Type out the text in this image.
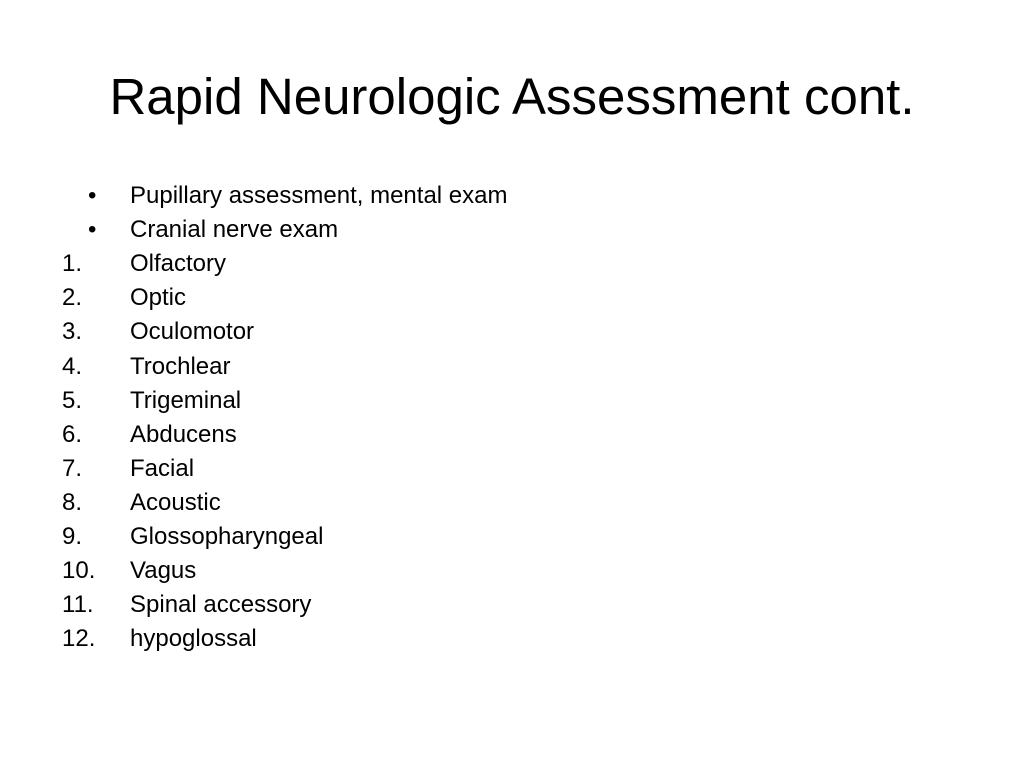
Rapid Neurologic Assessment cont.
•	Pupillary assessment, mental exam
•	Cranial nerve exam
1.	Olfactory
2.	Optic
3.	Oculomotor
4.	Trochlear
5.	Trigeminal
6.	Abducens
7.	Facial
8.	Acoustic
9.	Glossopharyngeal
10.	Vagus
11.	Spinal accessory
12.	hypoglossal
